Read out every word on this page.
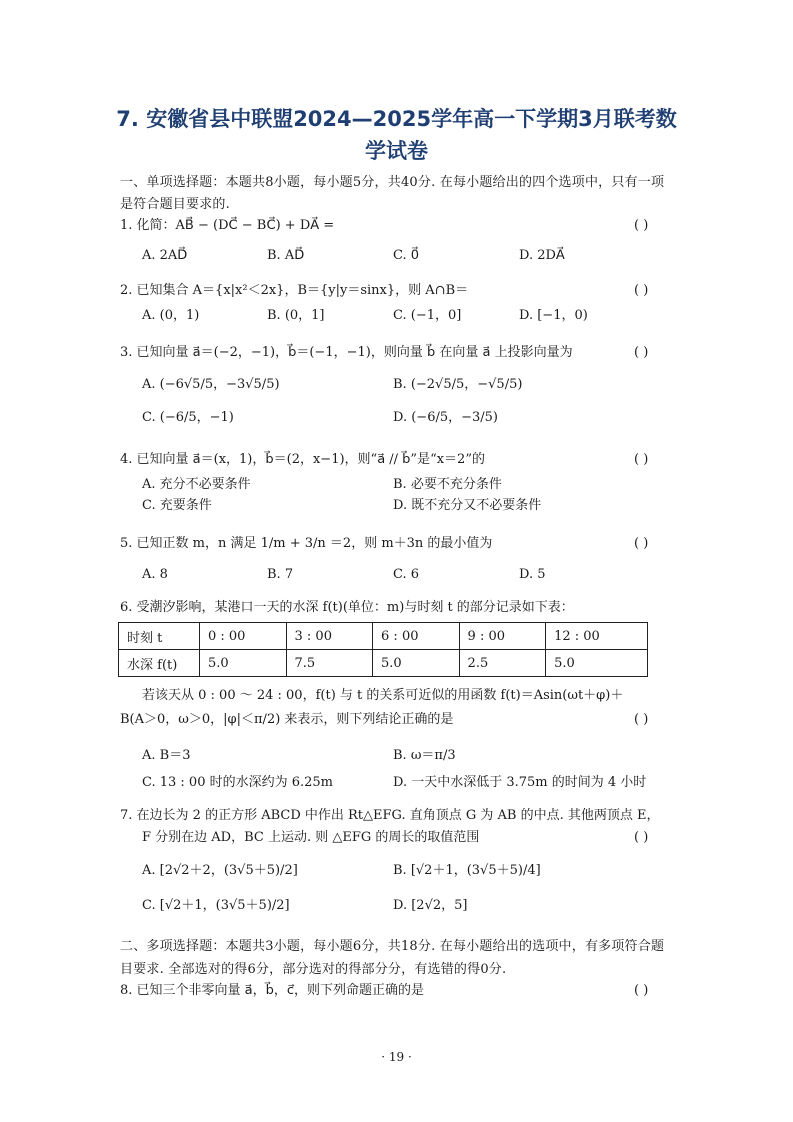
7. 安徽省县中联盟2024—2025学年高一下学期3月联考数
学试卷
一、单项选择题：本题共8小题，每小题5分，共40分. 在每小题给出的四个选项中，只有一项
是符合题目要求的.
1. 化简：AB⃗ − (DC⃗ − BC⃗) + DA⃗ =	( )
A. 2AD⃗	B. AD⃗	C. 0⃗	D. 2DA⃗
2. 已知集合 A＝{x|x²＜2x}，B＝{y|y＝sinx}，则 A∩B＝	( )
A. (0，1)	B. (0，1]	C. (−1，0]	D. [−1，0)
3. 已知向量 a⃗＝(−2，−1)，b⃗＝(−1，−1)，则向量 b⃗ 在向量 a⃗ 上投影向量为	( )
A. (−6√5/5，−3√5/5)	B. (−2√5/5，−√5/5)
C. (−6/5，−1)	D. (−6/5，−3/5)
4. 已知向量 a⃗＝(x，1)，b⃗＝(2，x−1)，则“a⃗ // b⃗”是“x＝2”的	( )
A. 充分不必要条件	B. 必要不充分条件
C. 充要条件	D. 既不充分又不必要条件
5. 已知正数 m，n 满足 1/m + 3/n ＝2，则 m＋3n 的最小值为	( )
A. 8	B. 7	C. 6	D. 5
6. 受潮汐影响，某港口一天的水深 f(t)(单位：m)与时刻 t 的部分记录如下表：
时刻 t	0 : 00	3 : 00	6 : 00	9 : 00	12 : 00
水深 f(t)	5.0	7.5	5.0	2.5	5.0
若该天从 0 : 00 ～ 24 : 00，f(t) 与 t 的关系可近似的用函数 f(t)＝Asin(ωt＋φ)＋
B(A＞0，ω＞0，|φ|＜π/2) 来表示，则下列结论正确的是	( )
A. B＝3	B. ω＝π/3
C. 13 : 00 时的水深约为 6.25m	D. 一天中水深低于 3.75m 的时间为 4 小时
7. 在边长为 2 的正方形 ABCD 中作出 Rt△EFG. 直角顶点 G 为 AB 的中点. 其他两顶点 E，
F 分别在边 AD，BC 上运动. 则 △EFG 的周长的取值范围	( )
A. [2√2＋2，(3√5＋5)/2]	B. [√2＋1，(3√5＋5)/4]
C. [√2＋1，(3√5＋5)/2]	D. [2√2，5]
二、多项选择题：本题共3小题，每小题6分，共18分. 在每小题给出的选项中，有多项符合题
目要求. 全部选对的得6分，部分选对的得部分分，有选错的得0分.
8. 已知三个非零向量 a⃗，b⃗，c⃗，则下列命题正确的是	( )
· 19 ·
